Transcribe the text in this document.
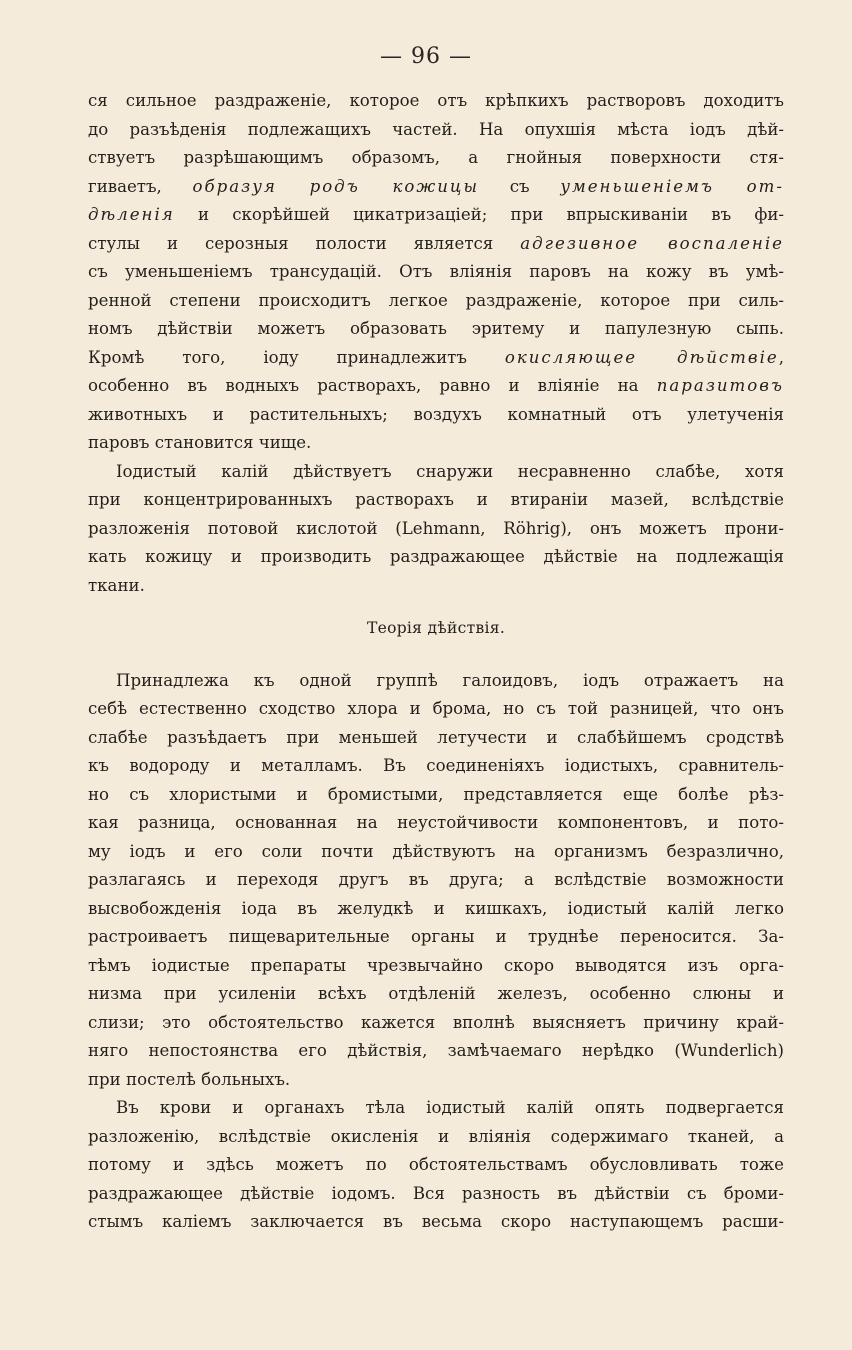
— 96 —
ся сильное раздраженіе, которое отъ крѣпкихъ растворовъ доходитъ
до разъѣденія подлежащихъ частей. На опухшія мѣста іодъ дѣй-
ствуетъ разрѣшающимъ образомъ, а гнойныя поверхности стя-
гиваетъ, образуя родъ кожицы съ уменьшеніемъ от-
дѣленія и скорѣйшей цикатризаціей; при впрыскиваніи въ фи-
стулы и серозныя полости является адгезивное воспаленіе
съ уменьшеніемъ трансудацій. Отъ вліянія паровъ на кожу въ умѣ-
ренной степени происходитъ легкое раздраженіе, которое при силь-
номъ дѣйствіи можетъ образовать эритему и папулезную сыпь.
Кромѣ того, іоду принадлежитъ окисляющее дѣйствіе,
особенно въ водныхъ растворахъ, равно и вліяніе на паразитовъ
животныхъ и растительныхъ; воздухъ комнатный отъ улетученія
паровъ становится чище.
Іодистый калій дѣйствуетъ снаружи несравненно слабѣе, хотя
при концентрированныхъ растворахъ и втираніи мазей, вслѣдствіе
разложенія потовой кислотой (Lehmann, Röhrig), онъ можетъ прони-
кать кожицу и производить раздражающее дѣйствіе на подлежащія
ткани.
Теорія дѣйствія.
Принадлежа къ одной группѣ галоидовъ, іодъ отражаетъ на
себѣ естественно сходство хлора и брома, но съ той разницей, что онъ
слабѣе разъѣдаетъ при меньшей летучести и слабѣйшемъ сродствѣ
къ водороду и металламъ. Въ соединеніяхъ іодистыхъ, сравнитель-
но съ хлористыми и бромистыми, представляется еще болѣе рѣз-
кая разница, основанная на неустойчивости компонентовъ, и пото-
му іодъ и его соли почти дѣйствуютъ на организмъ безразлично,
разлагаясь и переходя другъ въ друга; а вслѣдствіе возможности
высвобожденія іода въ желудкѣ и кишкахъ, іодистый калій легко
растроиваетъ пищеварительные органы и труднѣе переносится. За-
тѣмъ іодистые препараты чрезвычайно скоро выводятся изъ орга-
низма при усиленіи всѣхъ отдѣленій железъ, особенно слюны и
слизи; это обстоятельство кажется вполнѣ выясняетъ причину край-
няго непостоянства его дѣйствія, замѣчаемаго нерѣдко (Wunderlich)
при постелѣ больныхъ.
Въ крови и органахъ тѣла іодистый калій опять подвергается
разложенію, вслѣдствіе окисленія и вліянія содержимаго тканей, а
потому и здѣсь можетъ по обстоятельствамъ обусловливать тоже
раздражающее дѣйствіе іодомъ. Вся разность въ дѣйствіи съ броми-
стымъ каліемъ заключается въ весьма скоро наступающемъ расши-
